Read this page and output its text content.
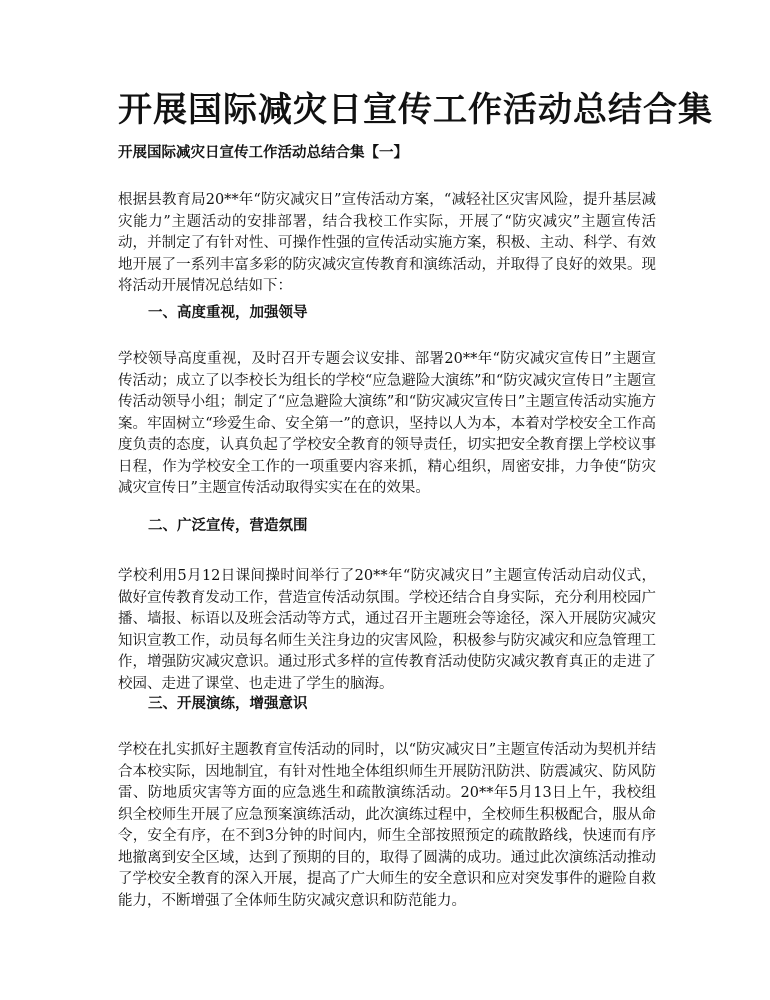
开展国际减灾日宣传工作活动总结合集

开展国际减灾日宣传工作活动总结合集【一】

根据县教育局20**年“防灾减灾日”宣传活动方案，“减轻社区灾害风险，提升基层减灾能力”主题活动的安排部署，结合我校工作实际，开展了“防灾减灾”主题宣传活动，并制定了有针对性、可操作性强的宣传活动实施方案，积极、主动、科学、有效地开展了一系列丰富多彩的防灾减灾宣传教育和演练活动，并取得了良好的效果。现将活动开展情况总结如下：

一、高度重视，加强领导

学校领导高度重视，及时召开专题会议安排、部署20**年“防灾减灾宣传日”主题宣传活动；成立了以李校长为组长的学校“应急避险大演练”和“防灾减灾宣传日”主题宣传活动领导小组；制定了“应急避险大演练”和“防灾减灾宣传日”主题宣传活动实施方案。牢固树立“珍爱生命、安全第一”的意识，坚持以人为本，本着对学校安全工作高度负责的态度，认真负起了学校安全教育的领导责任，切实把安全教育摆上学校议事日程，作为学校安全工作的一项重要内容来抓，精心组织，周密安排，力争使“防灾减灾宣传日”主题宣传活动取得实实在在的效果。

二、广泛宣传，营造氛围

学校利用5月12日课间操时间举行了20**年“防灾减灾日”主题宣传活动启动仪式，做好宣传教育发动工作，营造宣传活动氛围。学校还结合自身实际，充分利用校园广播、墙报、标语以及班会活动等方式，通过召开主题班会等途径，深入开展防灾减灾知识宣教工作，动员每名师生关注身边的灾害风险，积极参与防灾减灾和应急管理工作，增强防灾减灾意识。通过形式多样的宣传教育活动使防灾减灾教育真正的走进了校园、走进了课堂、也走进了学生的脑海。

三、开展演练，增强意识

学校在扎实抓好主题教育宣传活动的同时，以“防灾减灾日”主题宣传活动为契机并结合本校实际，因地制宜，有针对性地全体组织师生开展防汛防洪、防震减灾、防风防雷、防地质灾害等方面的应急逃生和疏散演练活动。20**年5月13日上午，我校组织全校师生开展了应急预案演练活动，此次演练过程中，全校师生积极配合，服从命令，安全有序，在不到3分钟的时间内，师生全部按照预定的疏散路线，快速而有序地撤离到安全区域，达到了预期的目的，取得了圆满的成功。通过此次演练活动推动了学校安全教育的深入开展，提高了广大师生的安全意识和应对突发事件的避险自救能力，不断增强了全体师生防灾减灾意识和防范能力。
